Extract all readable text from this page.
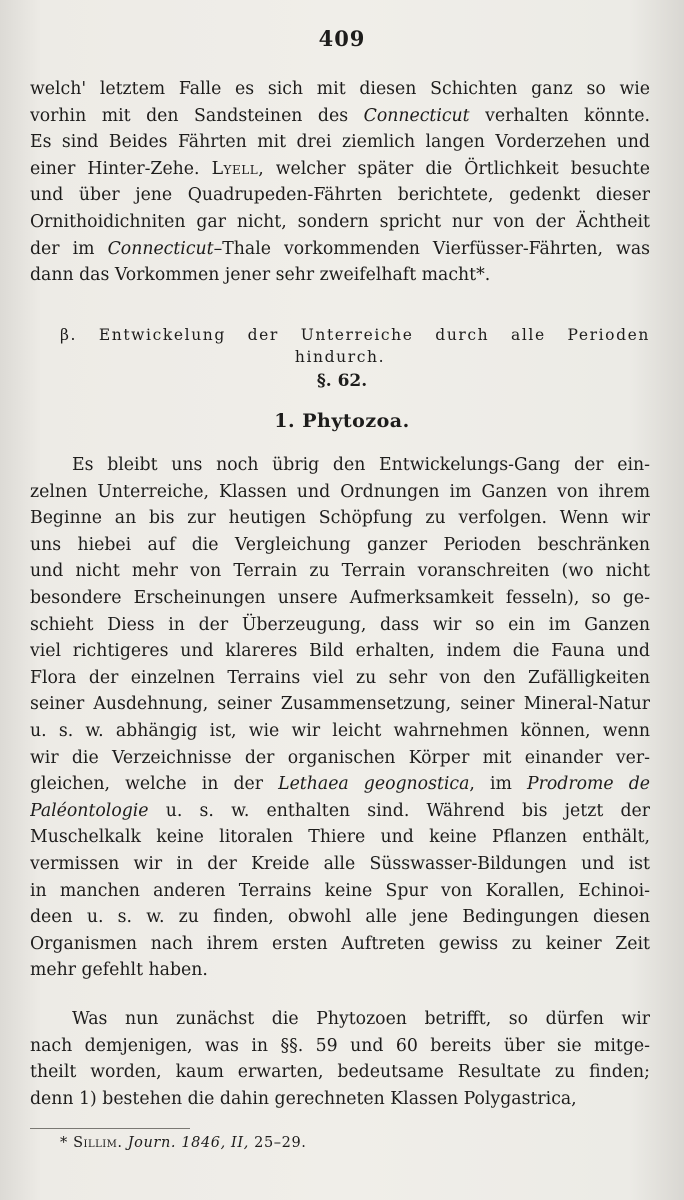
409
welch' letztem Falle es sich mit diesen Schichten ganz so wie
vorhin mit den Sandsteinen des Connecticut verhalten könnte.
Es sind Beides Fährten mit drei ziemlich langen Vorderzehen und
einer Hinter-Zehe. Lyell, welcher später die Örtlichkeit besuchte
und über jene Quadrupeden-Fährten berichtete, gedenkt dieser
Ornithoidichniten gar nicht, sondern spricht nur von der Ächtheit
der im Connecticut–Thale vorkommenden Vierfüsser-Fährten, was
dann das Vorkommen jener sehr zweifelhaft macht*.
β. Entwickelung der Unterreiche durch alle Perioden
hindurch.
§. 62.
1. Phytozoa.
Es bleibt uns noch übrig den Entwickelungs-Gang der ein-
zelnen Unterreiche, Klassen und Ordnungen im Ganzen von ihrem
Beginne an bis zur heutigen Schöpfung zu verfolgen. Wenn wir
uns hiebei auf die Vergleichung ganzer Perioden beschränken
und nicht mehr von Terrain zu Terrain voranschreiten (wo nicht
besondere Erscheinungen unsere Aufmerksamkeit fesseln), so ge-
schieht Diess in der Überzeugung, dass wir so ein im Ganzen
viel richtigeres und klareres Bild erhalten, indem die Fauna und
Flora der einzelnen Terrains viel zu sehr von den Zufälligkeiten
seiner Ausdehnung, seiner Zusammensetzung, seiner Mineral-Natur
u. s. w. abhängig ist, wie wir leicht wahrnehmen können, wenn
wir die Verzeichnisse der organischen Körper mit einander ver-
gleichen, welche in der Lethaea geognostica, im Prodrome de
Paléontologie u. s. w. enthalten sind. Während bis jetzt der
Muschelkalk keine litoralen Thiere und keine Pflanzen enthält,
vermissen wir in der Kreide alle Süsswasser-Bildungen und ist
in manchen anderen Terrains keine Spur von Korallen, Echinoi-
deen u. s. w. zu finden, obwohl alle jene Bedingungen diesen
Organismen nach ihrem ersten Auftreten gewiss zu keiner Zeit
mehr gefehlt haben.
Was nun zunächst die Phytozoen betrifft, so dürfen wir
nach demjenigen, was in §§. 59 und 60 bereits über sie mitge-
theilt worden, kaum erwarten, bedeutsame Resultate zu finden;
denn 1) bestehen die dahin gerechneten Klassen Polygastrica,
* Sillim. Journ. 1846, II, 25–29.
